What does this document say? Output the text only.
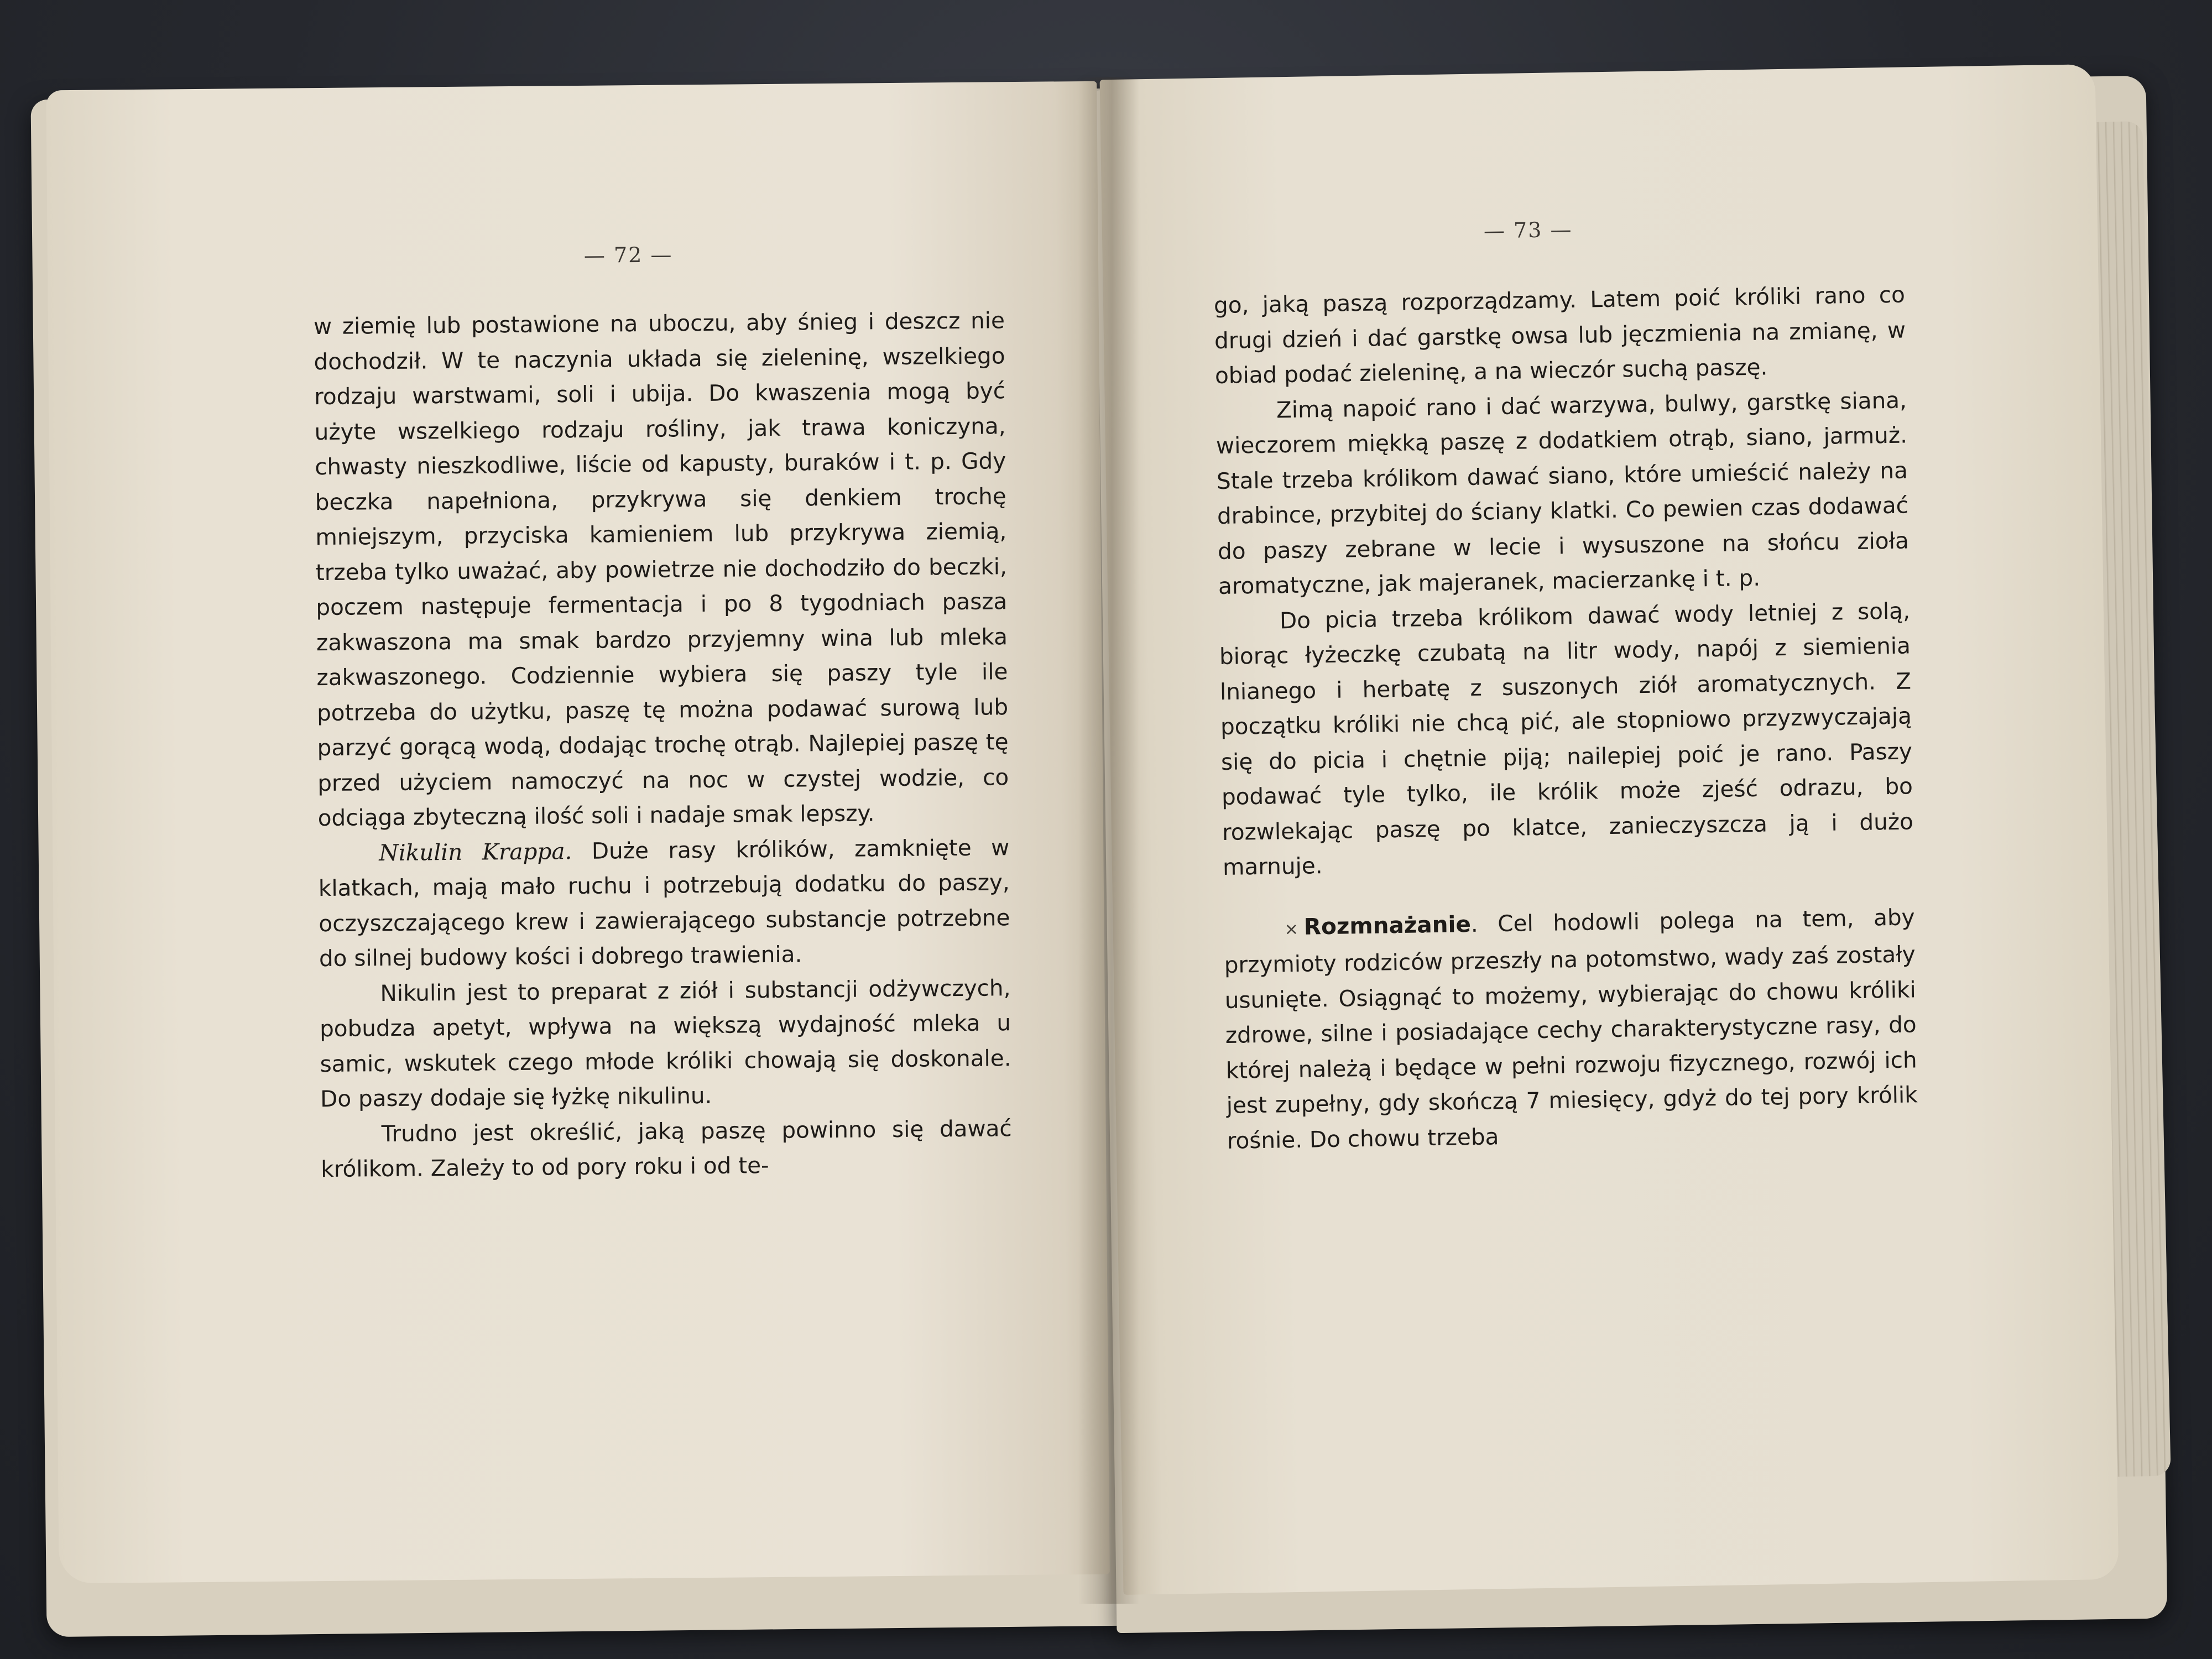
— 72 —

w ziemię lub postawione na uboczu, aby śnieg i deszcz nie dochodził. W te naczynia układa się zieleninę, wszelkiego rodzaju warstwami, soli i ubija. Do kwaszenia mogą być użyte wszelkiego rodzaju rośliny, jak trawa koniczyna, chwasty nieszkodliwe, liście od kapusty, buraków i t. p. Gdy beczka napełniona, przykrywa się denkiem trochę mniejszym, przyciska kamieniem lub przykrywa ziemią, trzeba tylko uważać, aby powietrze nie dochodziło do beczki, poczem następuje fermentacja i po 8 tygodniach pasza zakwaszona ma smak bardzo przyjemny wina lub mleka zakwaszonego. Codziennie wybiera się paszy tyle ile potrzeba do użytku, paszę tę można podawać surową lub parzyć gorącą wodą, dodając trochę otrąb. Najlepiej paszę tę przed użyciem namoczyć na noc w czystej wodzie, co odciąga zbyteczną ilość soli i nadaje smak lepszy.

Nikulin Krappa. Duże rasy królików, zamknięte w klatkach, mają mało ruchu i potrzebują dodatku do paszy, oczyszczającego krew i zawierającego substancje potrzebne do silnej budowy kości i dobrego trawienia.

Nikulin jest to preparat z ziół i substancji odżywczych, pobudza apetyt, wpływa na większą wydajność mleka u samic, wskutek czego młode króliki chowają się doskonale. Do paszy dodaje się łyżkę nikulinu.

Trudno jest określić, jaką paszę powinno się dawać królikom. Zależy to od pory roku i od te-

— 73 —

go, jaką paszą rozporządzamy. Latem poić króliki rano co drugi dzień i dać garstkę owsa lub jęczmienia na zmianę, w obiad podać zieleninę, a na wieczór suchą paszę.

Zimą napoić rano i dać warzywa, bulwy, garstkę siana, wieczorem miękką paszę z dodatkiem otrąb, siano, jarmuż. Stale trzeba królikom dawać siano, które umieścić należy na drabince, przybitej do ściany klatki. Co pewien czas dodawać do paszy zebrane w lecie i wysuszone na słońcu zioła aromatyczne, jak majeranek, macierzankę i t. p.

Do picia trzeba królikom dawać wody letniej z solą, biorąc łyżeczkę czubatą na litr wody, napój z siemienia lnianego i herbatę z suszonych ziół aromatycznych. Z początku króliki nie chcą pić, ale stopniowo przyzwyczajają się do picia i chętnie piją; nailepiej poić je rano. Paszy podawać tyle tylko, ile królik może zjeść odrazu, bo rozwlekając paszę po klatce, zanieczyszcza ją i dużo marnuje.

× Rozmnażanie. Cel hodowli polega na tem, aby przymioty rodziców przeszły na potomstwo, wady zaś zostały usunięte. Osiągnąć to możemy, wybierając do chowu króliki zdrowe, silne i posiadające cechy charakterystyczne rasy, do której należą i będące w pełni rozwoju fizycznego, rozwój ich jest zupełny, gdy skończą 7 miesięcy, gdyż do tej pory królik rośnie. Do chowu trzeba
